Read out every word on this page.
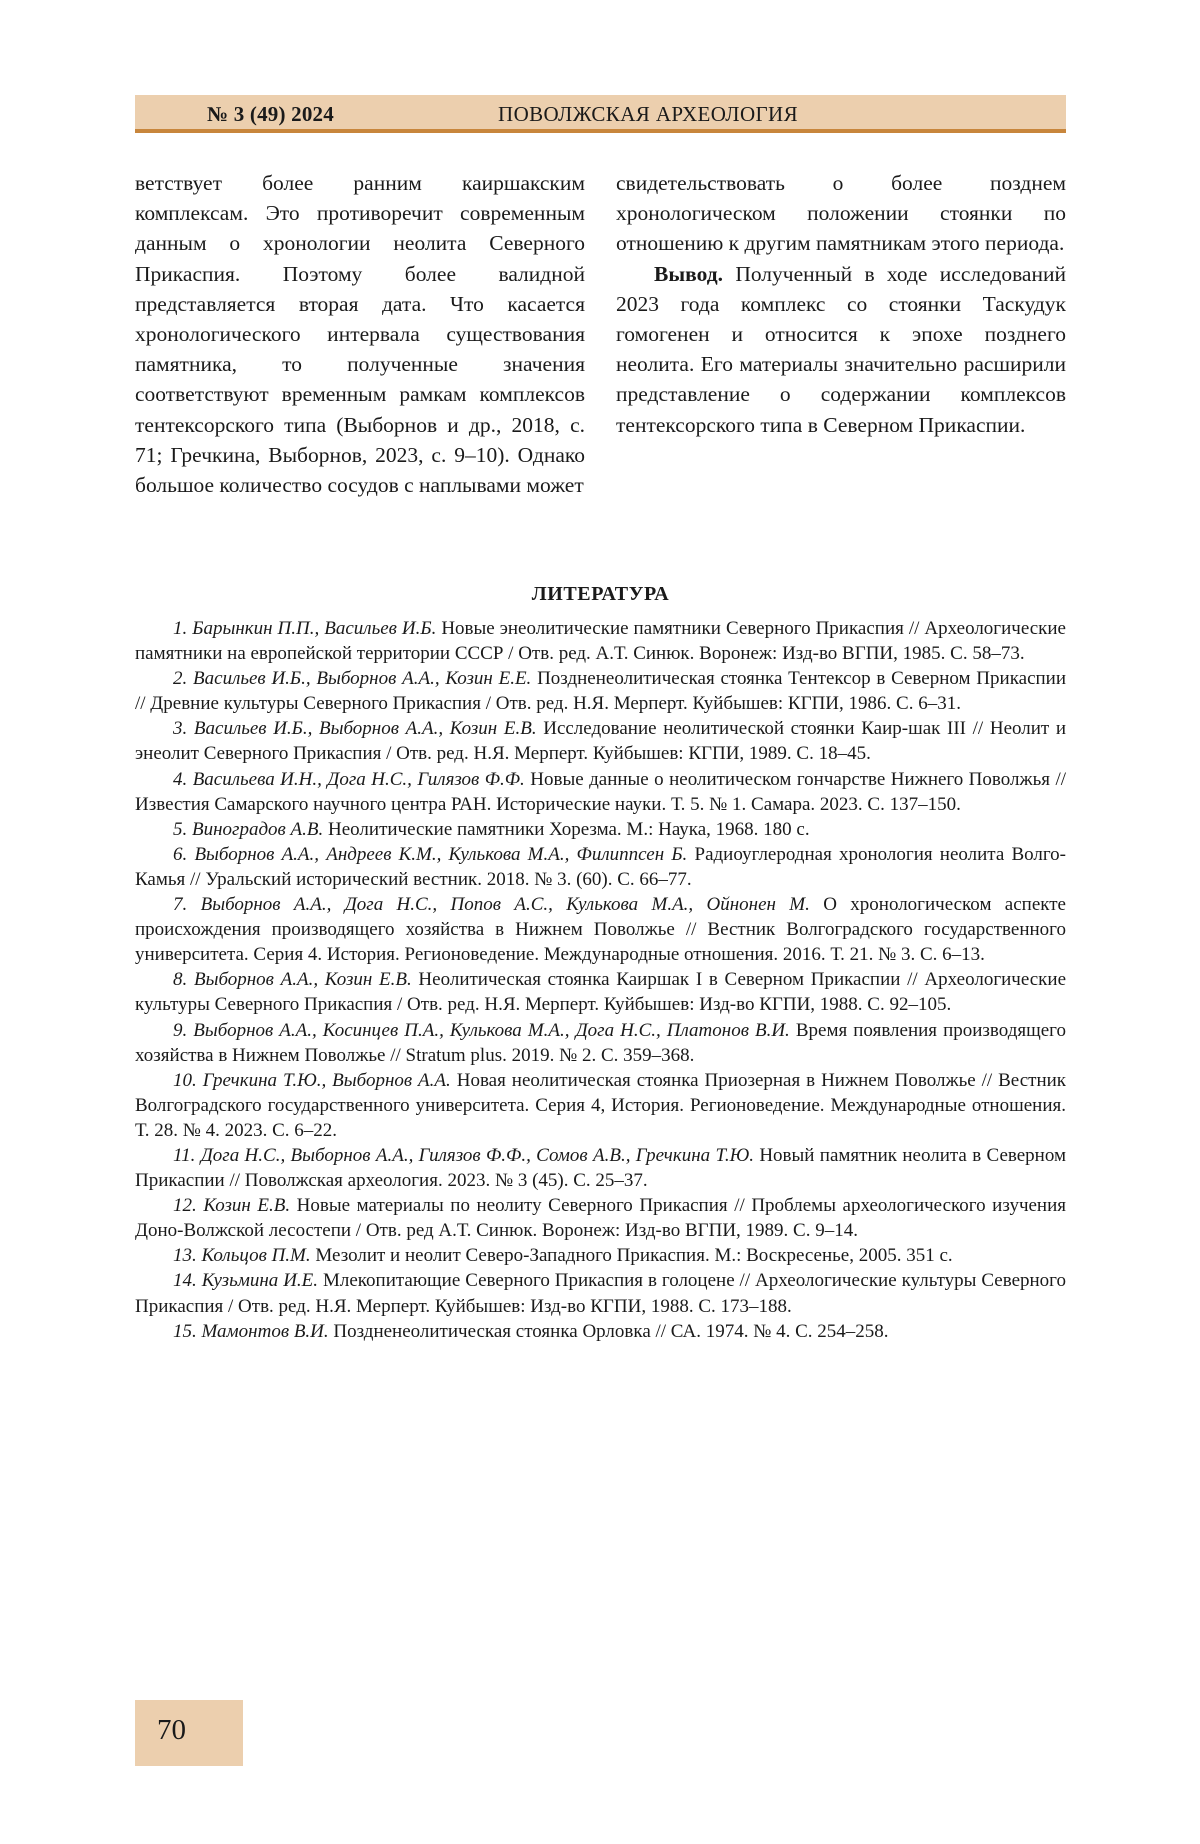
№ 3 (49) 2024	ПОВОЛЖСКАЯ АРХЕОЛОГИЯ

ветствует более ранним каиршакским комплексам. Это противоречит современным данным о хронологии неолита Северного Прикаспия. Поэтому более валидной представляется вторая дата. Что касается хронологического интервала существования памятника, то полученные значения соответствуют временным рамкам комплексов тентексорского типа (Выборнов и др., 2018, с. 71; Гречкина, Выборнов, 2023, с. 9–10). Однако большое количество сосудов с наплывами может

свидетельствовать о более позднем хронологическом положении стоянки по отношению к другим памятникам этого периода.

Вывод. Полученный в ходе исследований 2023 года комплекс со стоянки Таскудук гомогенен и относится к эпохе позднего неолита. Его материалы значительно расширили представление о содержании комплексов тентексорского типа в Северном Прикаспии.

ЛИТЕРАТУРА
1. Барынкин П.П., Васильев И.Б. Новые энеолитические памятники Северного Прикаспия // Археологические памятники на европейской территории СССР / Отв. ред. А.Т. Синюк. Воронеж: Изд-во ВГПИ, 1985. С. 58–73.
2. Васильев И.Б., Выборнов А.А., Козин Е.Е. Поздненеолитическая стоянка Тентексор в Северном Прикаспии // Древние культуры Северного Прикаспия / Отв. ред. Н.Я. Мерперт. Куйбышев: КГПИ, 1986. С. 6–31.
3. Васильев И.Б., Выборнов А.А., Козин Е.В. Исследование неолитической стоянки Каир-шак III // Неолит и энеолит Северного Прикаспия / Отв. ред. Н.Я. Мерперт. Куйбышев: КГПИ, 1989. С. 18–45.
4. Васильева И.Н., Дога Н.С., Гилязов Ф.Ф. Новые данные о неолитическом гончарстве Нижнего Поволжья // Известия Самарского научного центра РАН. Исторические науки. Т. 5. № 1. Самара. 2023. С. 137–150.
5. Виноградов А.В. Неолитические памятники Хорезма. М.: Наука, 1968. 180 с.
6. Выборнов А.А., Андреев К.М., Кулькова М.А., Филиппсен Б. Радиоуглеродная хронология неолита Волго-Камья // Уральский исторический вестник. 2018. № 3. (60). С. 66–77.
7. Выборнов А.А., Дога Н.С., Попов А.С., Кулькова М.А., Ойнонен М. О хронологическом аспекте происхождения производящего хозяйства в Нижнем Поволжье // Вестник Волгоградского государственного университета. Серия 4. История. Регионоведение. Международные отношения. 2016. Т. 21. № 3. С. 6–13.
8. Выборнов А.А., Козин Е.В. Неолитическая стоянка Каиршак I в Северном Прикаспии // Археологические культуры Северного Прикаспия / Отв. ред. Н.Я. Мерперт. Куйбышев: Изд-во КГПИ, 1988. С. 92–105.
9. Выборнов А.А., Косинцев П.А., Кулькова М.А., Дога Н.С., Платонов В.И. Время появления производящего хозяйства в Нижнем Поволжье // Stratum plus. 2019. № 2. С. 359–368.
10. Гречкина Т.Ю., Выборнов А.А. Новая неолитическая стоянка Приозерная в Нижнем Поволжье // Вестник Волгоградского государственного университета. Серия 4, История. Регионоведение. Международные отношения. Т. 28. № 4. 2023. С. 6–22.
11. Дога Н.С., Выборнов А.А., Гилязов Ф.Ф., Сомов А.В., Гречкина Т.Ю. Новый памятник неолита в Северном Прикаспии // Поволжская археология. 2023. № 3 (45). С. 25–37.
12. Козин Е.В. Новые материалы по неолиту Северного Прикаспия // Проблемы археологического изучения Доно-Волжской лесостепи / Отв. ред А.Т. Синюк. Воронеж: Изд-во ВГПИ, 1989. С. 9–14.
13. Кольцов П.М. Мезолит и неолит Северо-Западного Прикаспия. М.: Воскресенье, 2005. 351 с.
14. Кузьмина И.Е. Млекопитающие Северного Прикаспия в голоцене // Археологические культуры Северного Прикаспия / Отв. ред. Н.Я. Мерперт. Куйбышев: Изд-во КГПИ, 1988. С. 173–188.
15. Мамонтов В.И. Поздненеолитическая стоянка Орловка // СА. 1974. № 4. С. 254–258.
70
